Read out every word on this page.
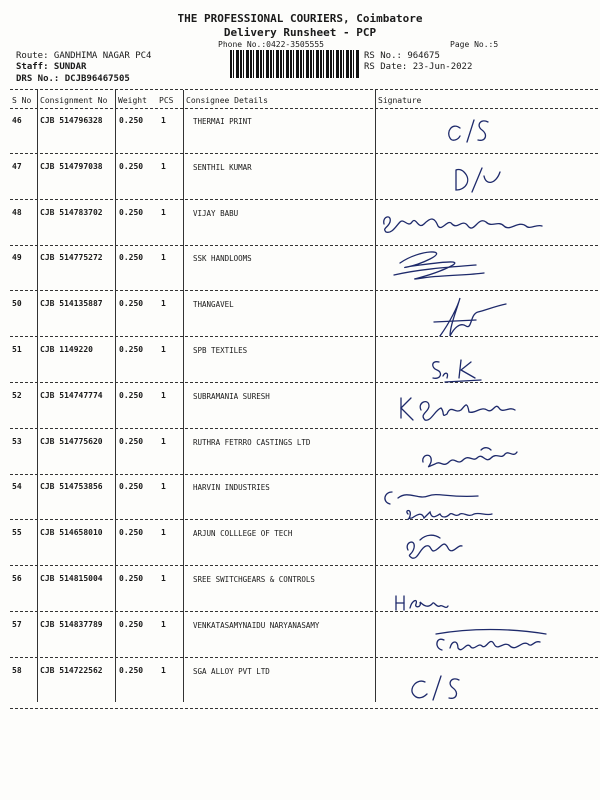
THE PROFESSIONAL COURIERS, Coimbatore
Delivery Runsheet - PCP
Phone No.:0422-3505555	Page No.:5
Route: GANDHIMA NAGAR PC4
Staff: SUNDAR
DRS No.: DCJB96467505
RS No.: 964675
RS Date: 23-Jun-2022
S No Consignment No Weight PCS Consignee Details	Signature
46 CJB 514796328 0.250 1	THERMAI PRINT
47 CJB 514797038 0.250 1	SENTHIL KUMAR
48 CJB 514783702 0.250 1	VIJAY BABU
49 CJB 514775272 0.250 1	SSK HANDLOOMS
50 CJB 514135887 0.250 1	THANGAVEL
51 CJB 1149220	0.250 1	SPB TEXTILES
52 CJB 514747774 0.250 1	SUBRAMANIA SURESH
53 CJB 514775620 0.250 1	RUTHRA FETRRO CASTINGS LTD
54 CJB 514753856 0.250 1	HARVIN INDUSTRIES
55 CJB 514658010 0.250 1	ARJUN COLLLEGE OF TECH
56 CJB 514815004 0.250 1	SREE SWITCHGEARS & CONTROLS
57 CJB 514837789 0.250 1	VENKATASAMYNAIDU NARYANASAMY
58 CJB 514722562 0.250 1	SGA ALLOY PVT LTD
